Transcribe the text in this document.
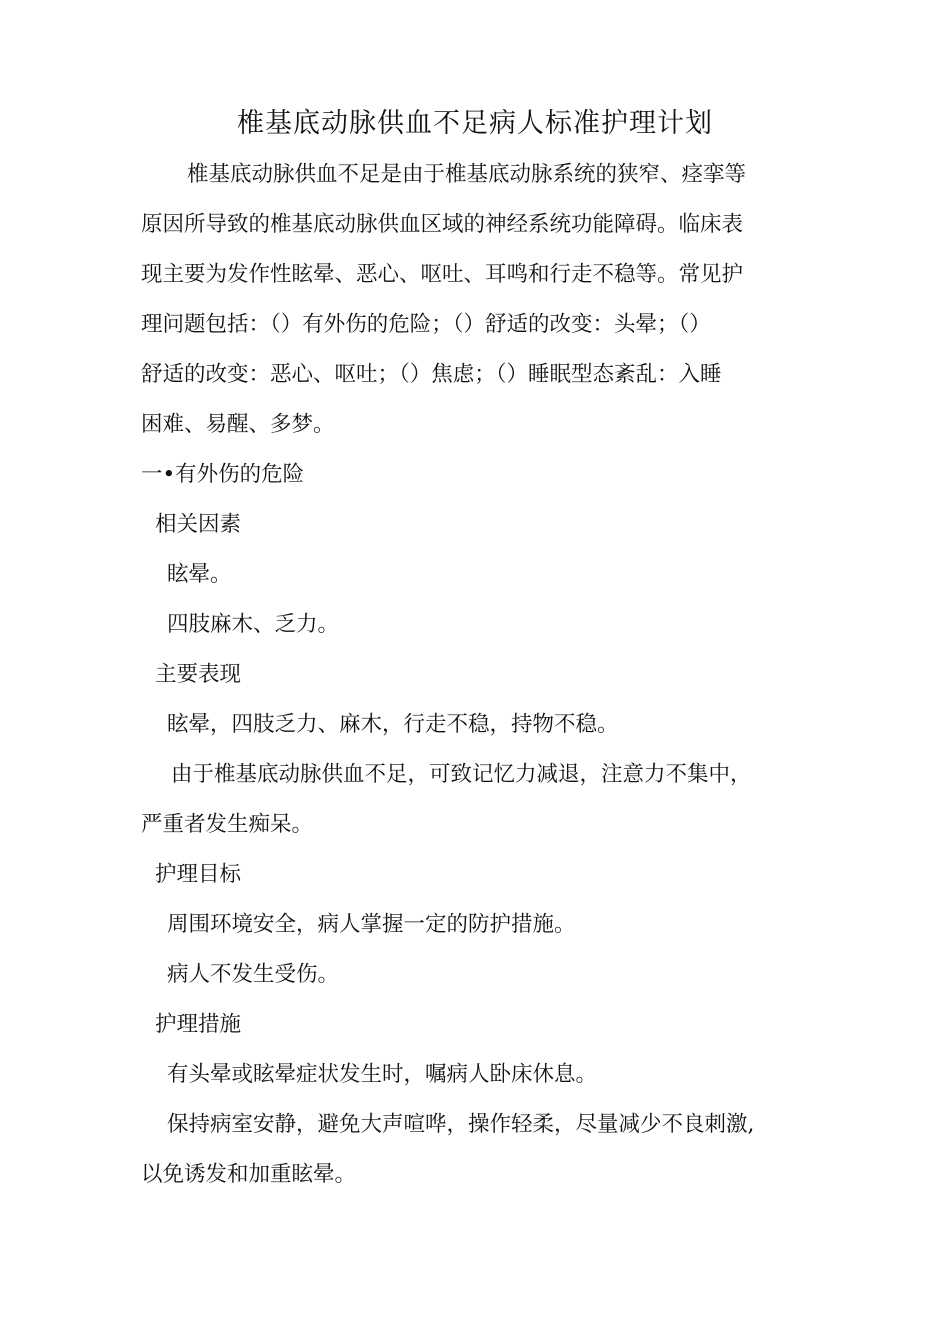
椎基底动脉供血不足病人标准护理计划

椎基底动脉供血不足是由于椎基底动脉系统的狭窄、痉挛等

原因所导致的椎基底动脉供血区域的神经系统功能障碍。临床表

现主要为发作性眩晕、恶心、呕吐、耳鸣和行走不稳等。常见护

理问题包括：（）有外伤的危险；（）舒适的改变：头晕；（）

舒适的改变：恶心、呕吐；（）焦虑；（）睡眠型态紊乱：入睡

困难、易醒、多梦。

一•有外伤的危险

相关因素

眩晕。

四肢麻木、乏力。

主要表现

眩晕，四肢乏力、麻木，行走不稳，持物不稳。

由于椎基底动脉供血不足，可致记忆力减退，注意力不集中，

严重者发生痴呆。

护理目标

周围环境安全，病人掌握一定的防护措施。

病人不发生受伤。

护理措施

有头晕或眩晕症状发生时，嘱病人卧床休息。

保持病室安静，避免大声喧哗，操作轻柔，尽量减少不良刺激,

以免诱发和加重眩晕。
